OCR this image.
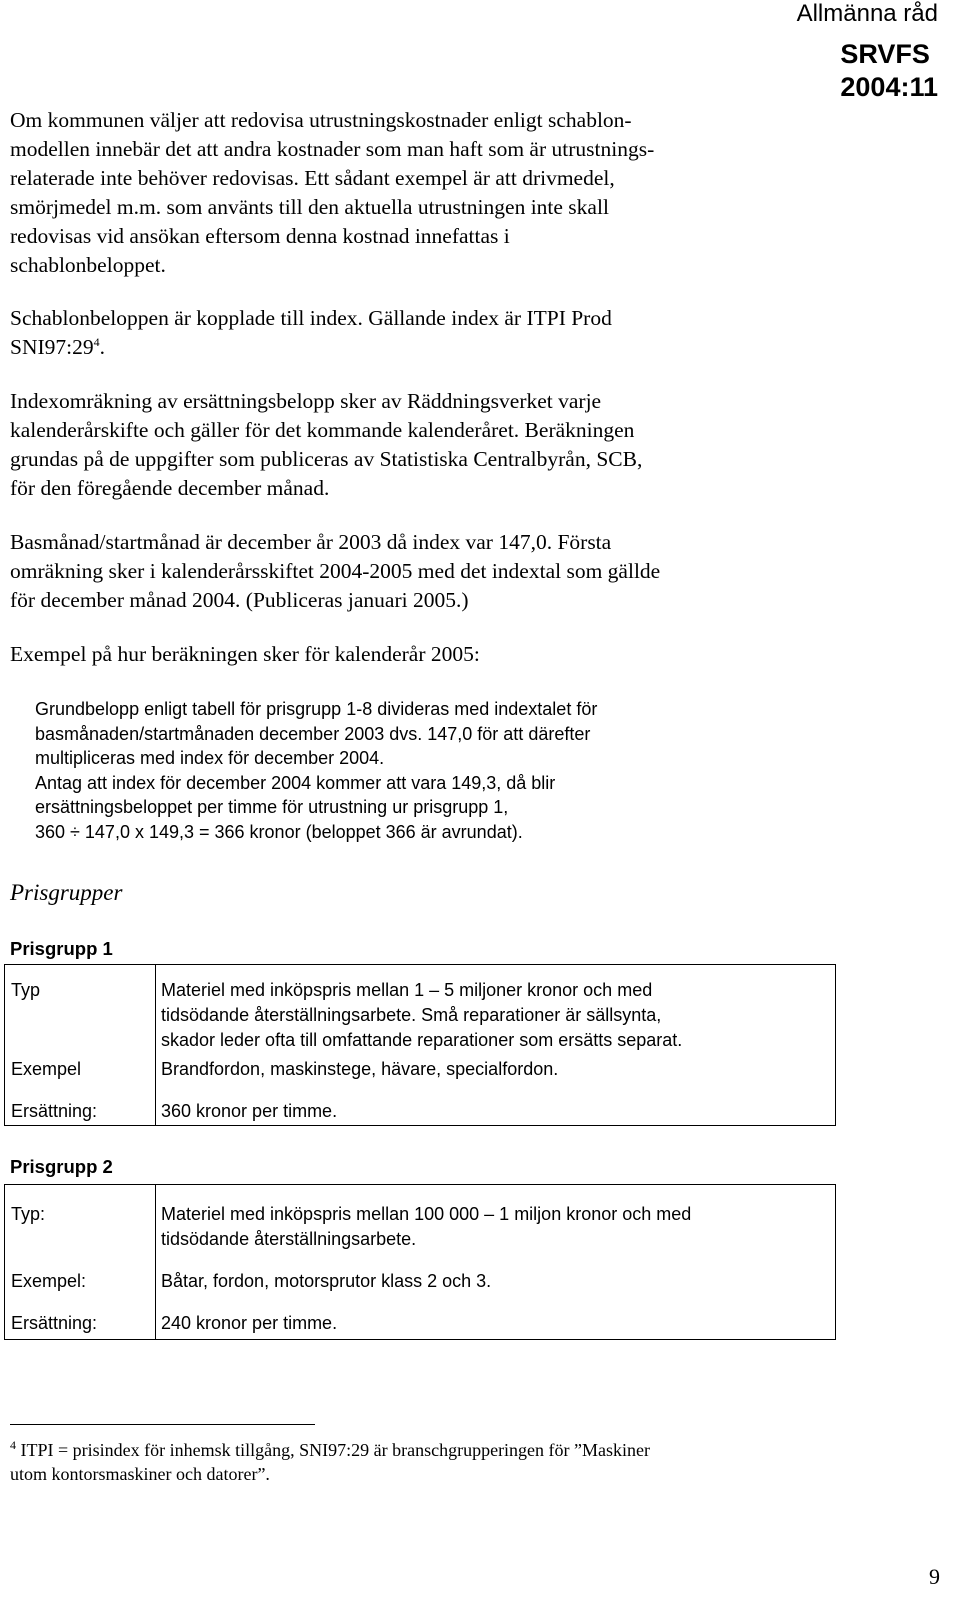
Allmänna råd
SRVFS
2004:11
Om kommunen väljer att redovisa utrustningskostnader enligt schablon-
modellen innebär det att andra kostnader som man haft som är utrustnings-
relaterade inte behöver redovisas. Ett sådant exempel är att drivmedel,
smörjmedel m.m. som använts till den aktuella utrustningen inte skall
redovisas vid ansökan eftersom denna kostnad innefattas i
schablonbeloppet.
Schablonbeloppen är kopplade till index. Gällande index är ITPI Prod
$SNI97:29^4$.
Indexomräkning av ersättningsbelopp sker av Räddningsverket varje
kalenderårskifte och gäller för det kommande kalenderåret. Beräkningen
grundas på de uppgifter som publiceras av Statistiska Centralbyrån, SCB,
för den föregående december månad.
Basmånad/startmånad är december år 2003 då index var 147,0. Första
omräkning sker i kalenderårsskiftet 2004-2005 med det indextal som gällde
för december månad 2004. (Publiceras januari 2005.)
Exempel på hur beräkningen sker för kalenderår 2005:
Grundbelopp enligt tabell för prisgrupp 1-8 divideras med indextalet för
basmånaden/startmånaden december 2003 dvs. 147,0 för att därefter
multipliceras med index för december 2004.
Antag att index för december 2004 kommer att vara 149,3, då blir
ersättningsbeloppet per timme för utrustning ur prisgrupp 1,
360 ÷ 147,0 x 149,3 = 366 kronor (beloppet 366 är avrundat).
Prisgrupper
Prisgrupp 1
Typ	Materiel med inköpspris mellan 1 – 5 miljoner kronor och med
tidsödande återställningsarbete. Små reparationer är sällsynta,
skador leder ofta till omfattande reparationer som ersätts separat.
Exempel	Brandfordon, maskinstege, hävare, specialfordon.
Ersättning:	360 kronor per timme.
Prisgrupp 2
Typ:	Materiel med inköpspris mellan 100 000 – 1 miljon kronor och med
tidsödande återställningsarbete.
Exempel:	Båtar, fordon, motorsprutor klass 2 och 3.
Ersättning:	240 kronor per timme.
$^4$ ITPI = prisindex för inhemsk tillgång, SNI97:29 är branschgrupperingen för ”Maskiner
utom kontorsmaskiner och datorer”.
9
